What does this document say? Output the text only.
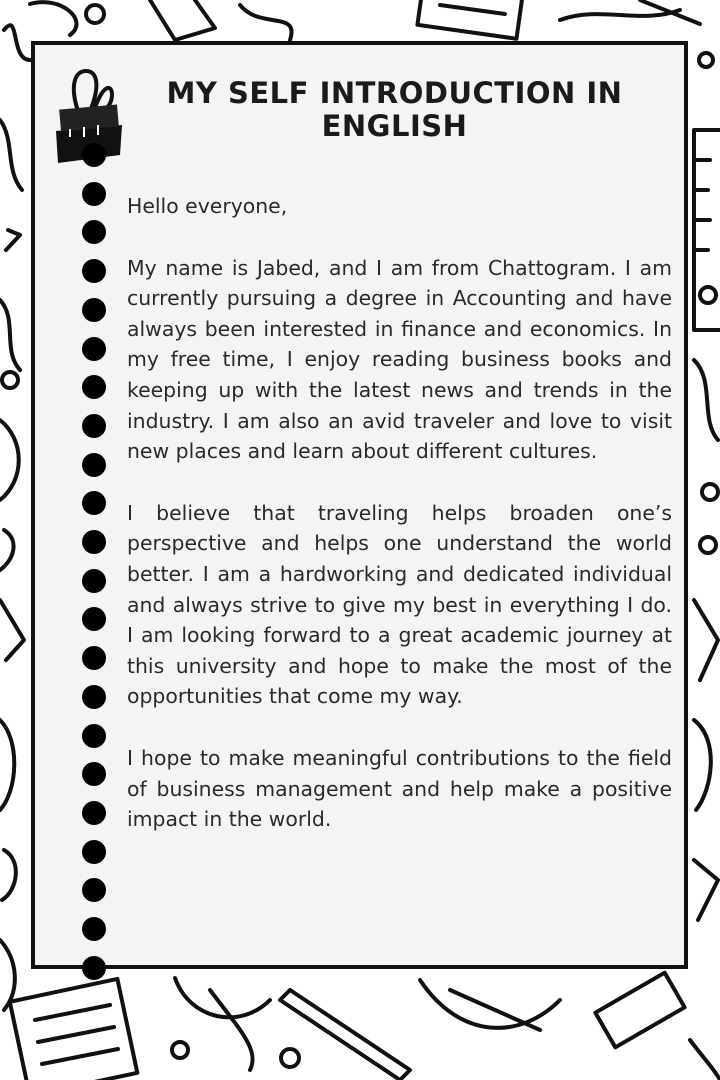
MY SELF INTRODUCTION IN ENGLISH

Hello everyone,

My name is Jabed, and I am from Chattogram. I am currently pursuing a degree in Accounting and have always been interested in finance and economics. In my free time, I enjoy reading business books and keeping up with the latest news and trends in the industry. I am also an avid traveler and love to visit new places and learn about different cultures.

I believe that traveling helps broaden one’s perspective and helps one understand the world better. I am a hardworking and dedicated individual and always strive to give my best in everything I do. I am looking forward to a great academic journey at this university and hope to make the most of the opportunities that come my way.

I hope to make meaningful contributions to the field of business management and help make a positive impact in the world.
